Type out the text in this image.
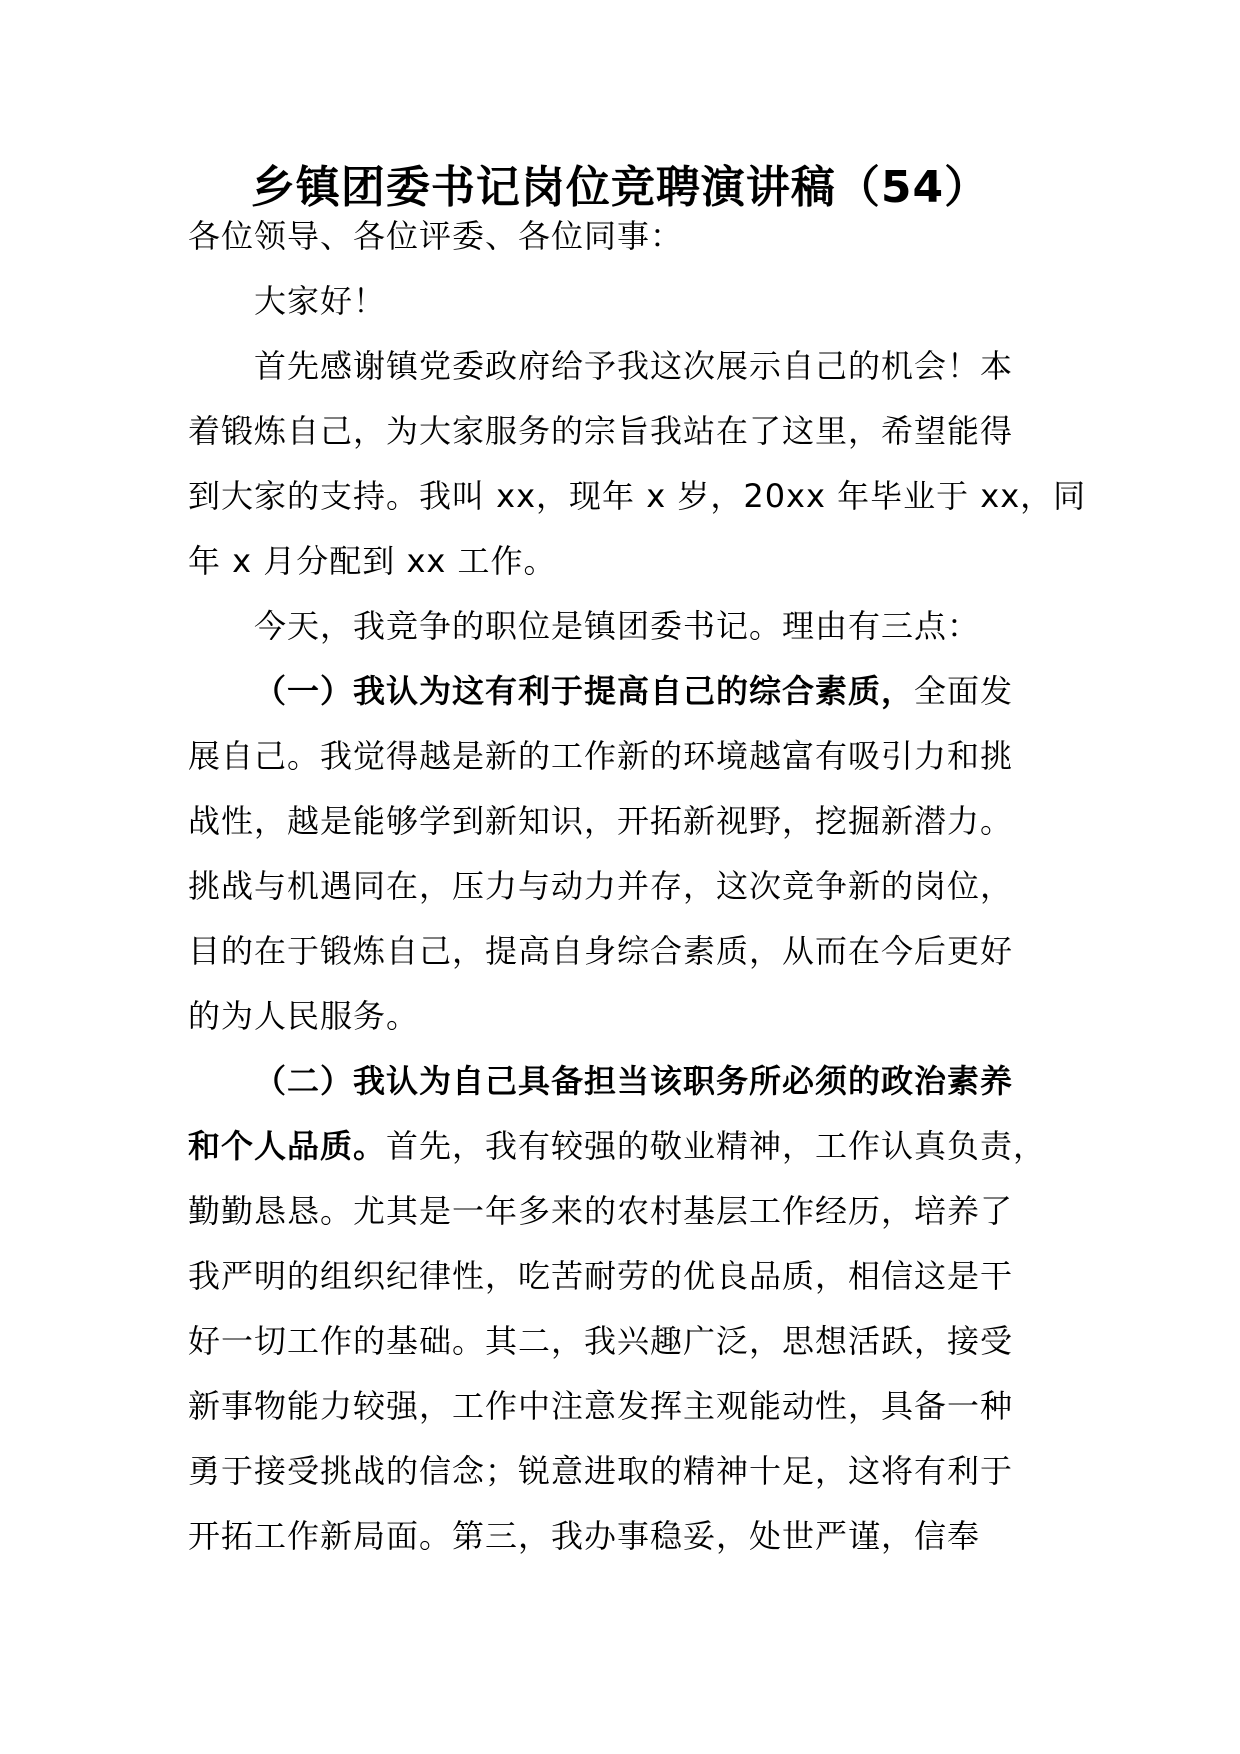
乡镇团委书记岗位竞聘演讲稿（54）
各位领导、各位评委、各位同事：
大家好！
首先感谢镇党委政府给予我这次展示自己的机会！本
着锻炼自己，为大家服务的宗旨我站在了这里，希望能得
到大家的支持。我叫 xx，现年 x 岁，20xx 年毕业于 xx，同
年 x 月分配到 xx 工作。
今天，我竞争的职位是镇团委书记。理由有三点：
（一）我认为这有利于提高自己的综合素质，全面发
展自己。我觉得越是新的工作新的环境越富有吸引力和挑
战性，越是能够学到新知识，开拓新视野，挖掘新潜力。
挑战与机遇同在，压力与动力并存，这次竞争新的岗位，
目的在于锻炼自己，提高自身综合素质，从而在今后更好
的为人民服务。
（二）我认为自己具备担当该职务所必须的政治素养
和个人品质。首先，我有较强的敬业精神，工作认真负责，
勤勤恳恳。尤其是一年多来的农村基层工作经历，培养了
我严明的组织纪律性，吃苦耐劳的优良品质，相信这是干
好一切工作的基础。其二，我兴趣广泛，思想活跃，接受
新事物能力较强，工作中注意发挥主观能动性，具备一种
勇于接受挑战的信念；锐意进取的精神十足，这将有利于
开拓工作新局面。第三，我办事稳妥，处世严谨，信奉
